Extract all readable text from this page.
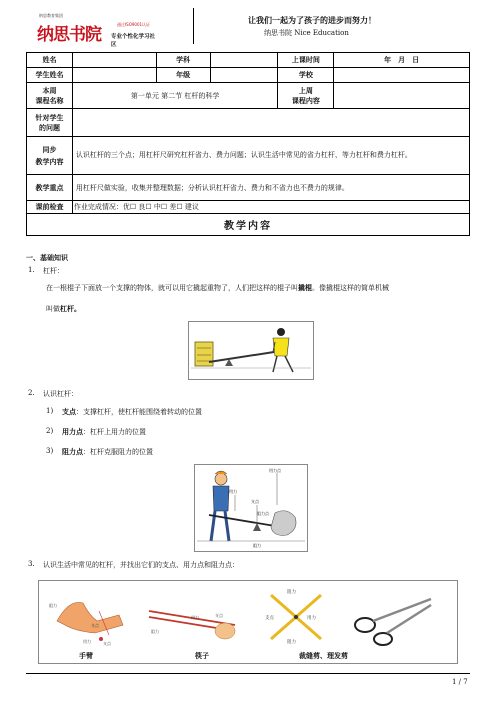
纳思教育集团
纳思书院
通过ISO9001认证
专业个性化学习社区
让我们一起为了孩子的进步而努力！
纳思书院 Nice Education
姓名		学科		上课时间	年　月　日
学生姓名		年级		学校	
本周
课程名称	第一单元 第二节 杠杆的科学			上周
课程内容	
针对学生
的问题					
同步
教学内容	认识杠杆的三个点；用杠杆尺研究杠杆省力、费力问题；认识生活中常见的省力杠杆、等力杠杆和费力杠杆。				
教学重点	用杠杆尺做实验，收集并整理数据；分析认识杠杆省力、费力和不省力也不费力的规律。				
课前检查	作业完成情况：优☐ 良☐ 中☐ 差☐ 建议				
教学内容					
一、基础知识
1. 杠杆：
在一根棍子下面放一个支撑的物体，就可以用它撬起重物了，人们把这样的棍子叫撬棍。像撬棍这样的简单机械
叫做杠杆。
2. 认识杠杆：
1) 支点：支撑杠杆，使杠杆能围绕着转动的位置
2) 用力点：杠杆上用力的位置
3) 阻力点：杠杆克服阻力的位置
用力点
用力
支点
阻力点
阻力
3. 认识生活中常见的杠杆，并找出它们的支点、用力点和阻力点：
阻力
支点
用力	支点
用力
阻力
支点
阻力
支点	用力
阻力
手臂	筷子	裁缝剪、理发剪
1 / 7
